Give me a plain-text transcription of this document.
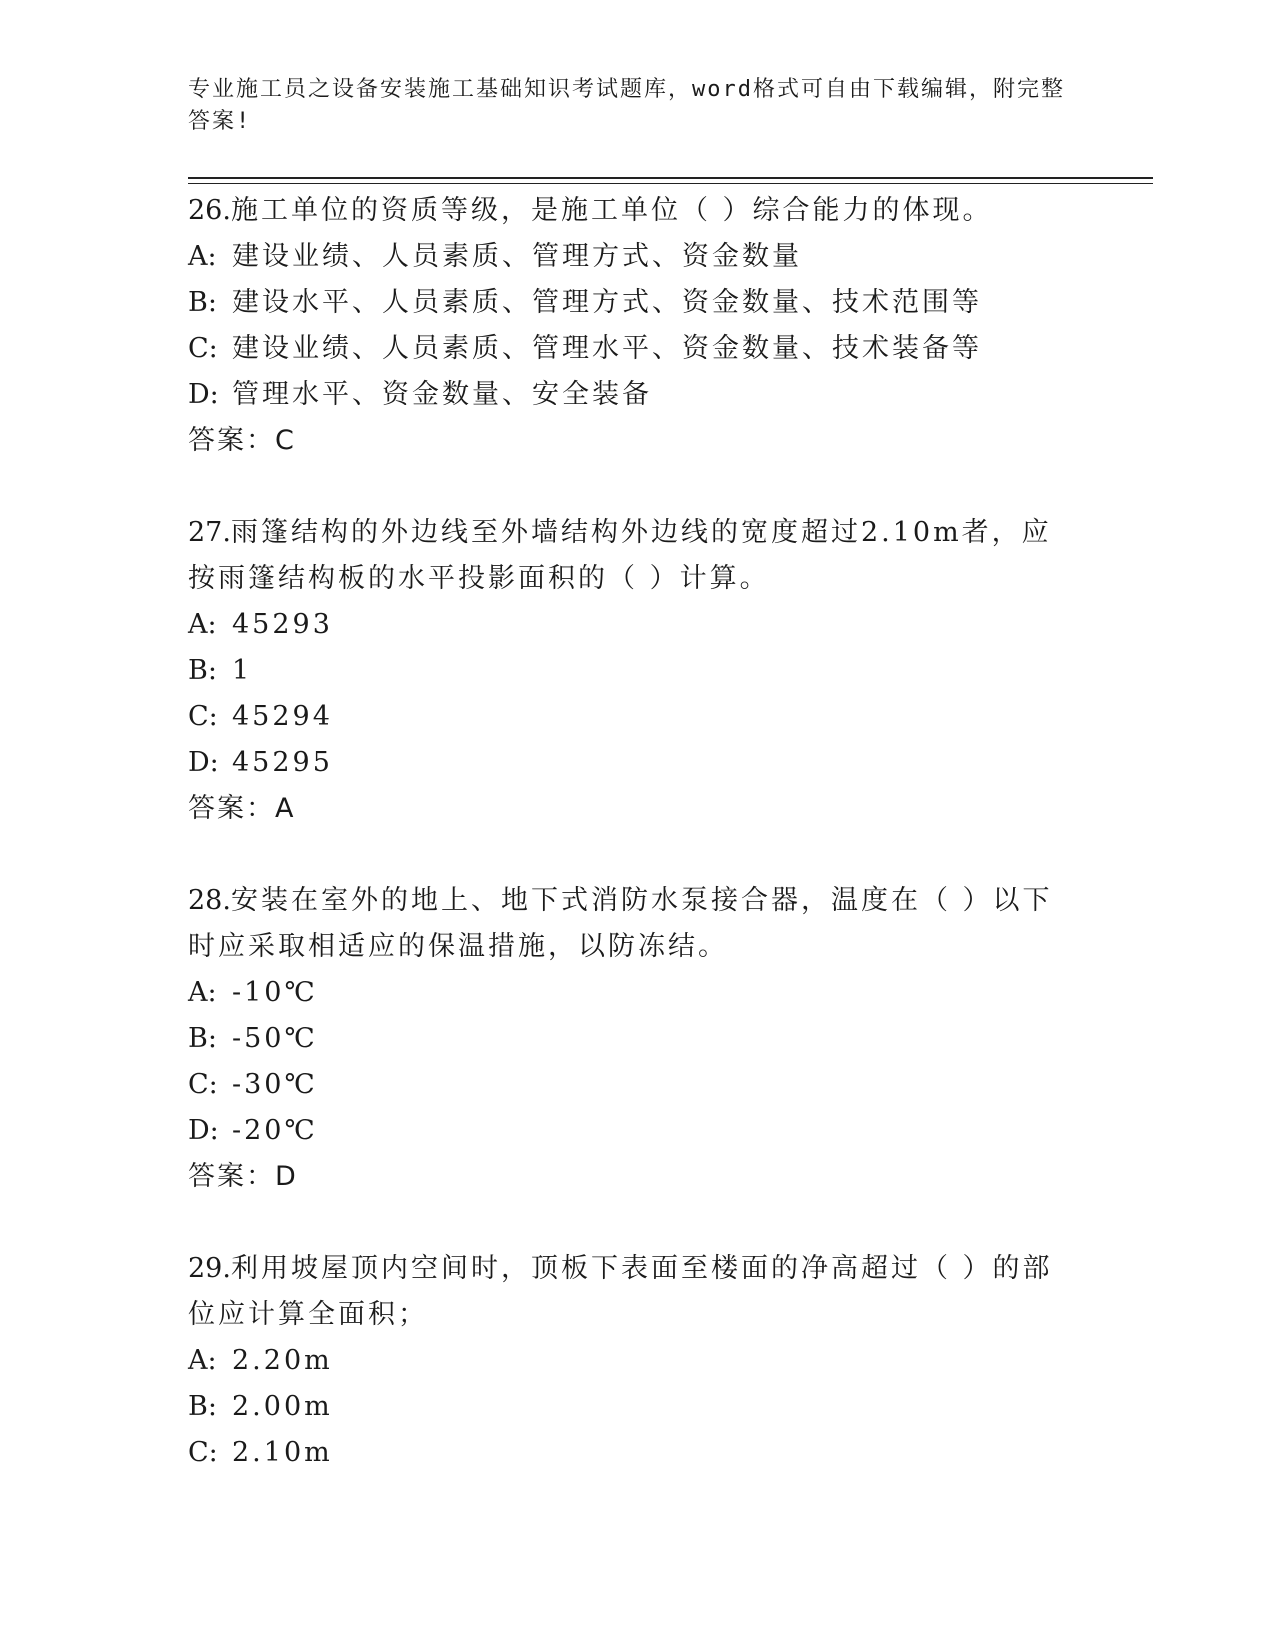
专业施工员之设备安装施工基础知识考试题库，word格式可自由下载编辑，附完整答案!

26.施工单位的资质等级，是施工单位（ ）综合能力的体现。

A: 建设业绩、人员素质、管理方式、资金数量

B: 建设水平、人员素质、管理方式、资金数量、技术范围等

C: 建设业绩、人员素质、管理水平、资金数量、技术装备等

D: 管理水平、资金数量、安全装备

答案：C

27.雨篷结构的外边线至外墙结构外边线的宽度超过2.10m者，应按雨篷结构板的水平投影面积的（ ）计算。

A: 45293

B: 1

C: 45294

D: 45295

答案：A

28.安装在室外的地上、地下式消防水泵接合器，温度在（ ）以下时应采取相适应的保温措施，以防冻结。

A: -10℃

B: -50℃

C: -30℃

D: -20℃

答案：D

29.利用坡屋顶内空间时，顶板下表面至楼面的净高超过（ ）的部位应计算全面积；

A: 2.20m

B: 2.00m

C: 2.10m
